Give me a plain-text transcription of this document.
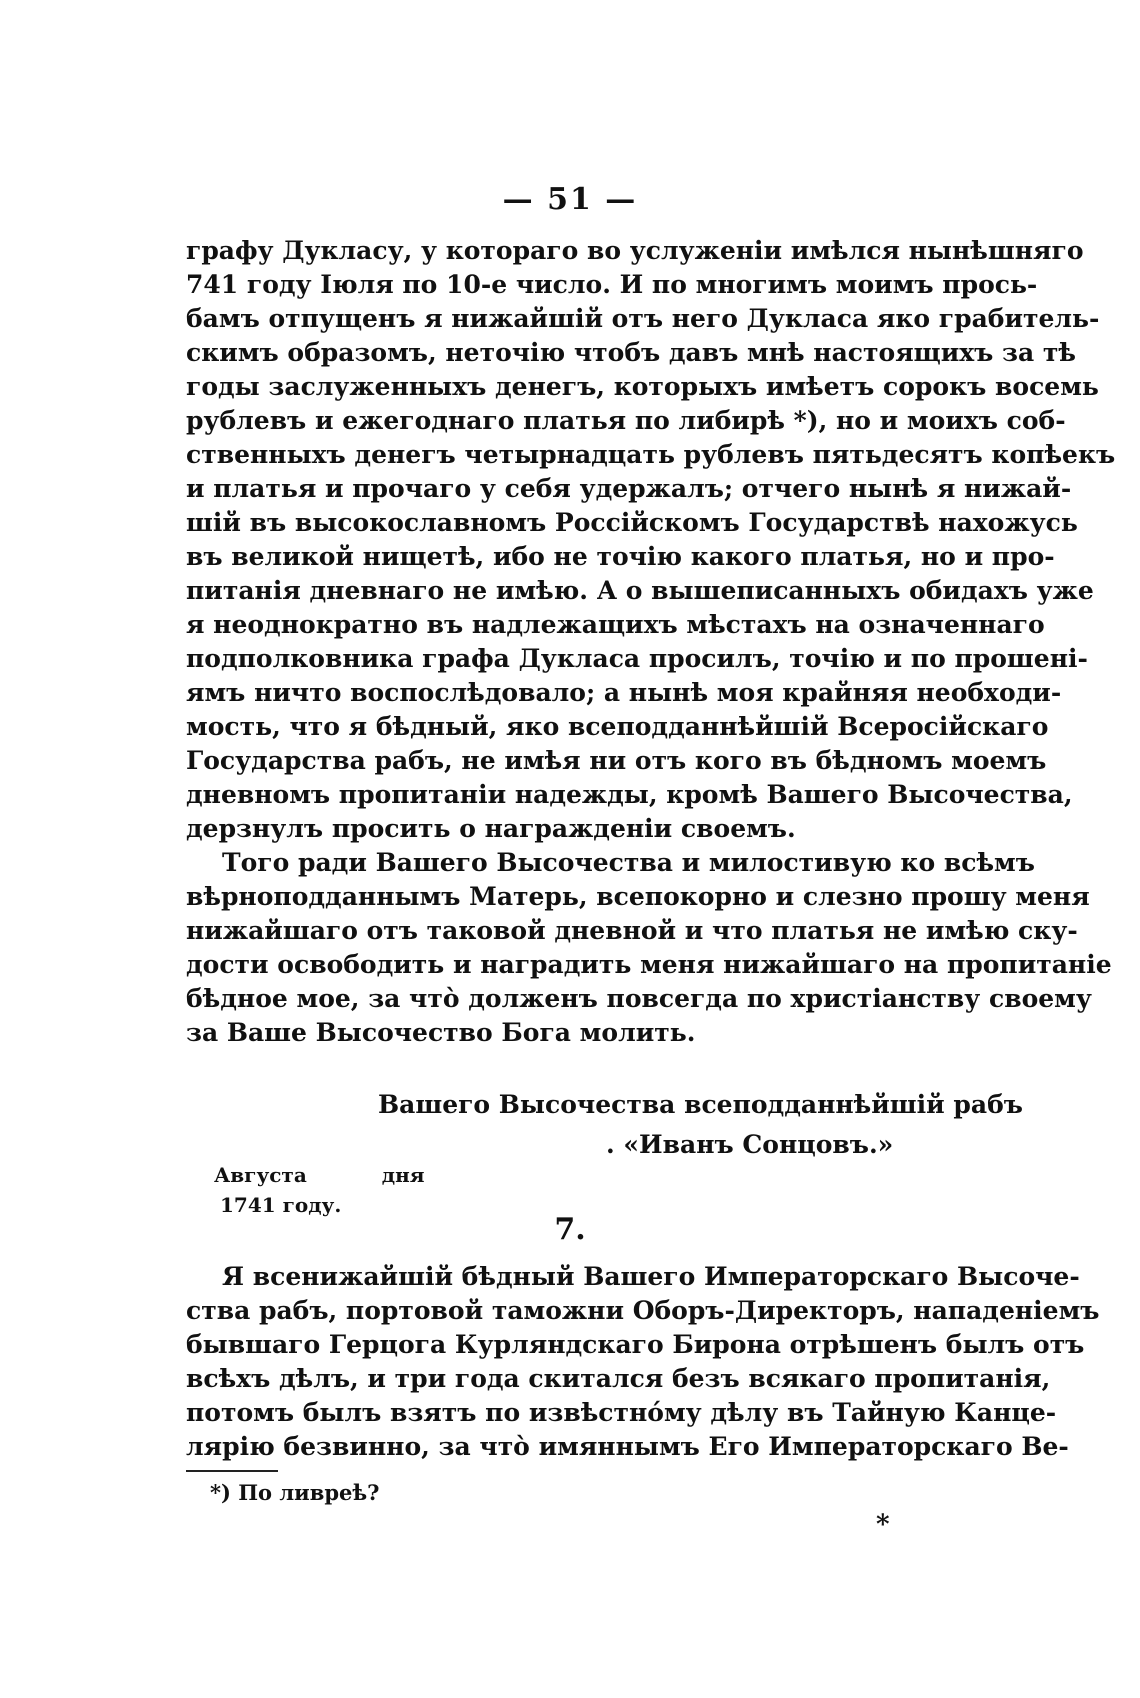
— 51 —
графу Дукласу, у котораго во услуженіи имѣлся нынѣшняго
741 году Іюля по 10-е число. И по многимъ моимъ прось-
бамъ отпущенъ я нижайшій отъ него Дукласа яко грабитель-
скимъ образомъ, неточію чтобъ давъ мнѣ настоящихъ за тѣ
годы заслуженныхъ денегъ, которыхъ имѣетъ сорокъ восемь
рублевъ и ежегоднаго платья по либирѣ *), но и моихъ соб-
ственныхъ денегъ четырнадцать рублевъ пятьдесятъ копѣекъ
и платья и прочаго у себя удержалъ; отчего нынѣ я нижай-
шій въ высокославномъ Россійскомъ Государствѣ нахожусь
въ великой нищетѣ, ибо не точію какого платья, но и про-
питанія дневнаго не имѣю. А о вышеписанныхъ обидахъ уже
я неоднократно въ надлежащихъ мѣстахъ на означеннаго
подполковника графа Дукласа просилъ, точію и по прошені-
ямъ ничто воспослѣдовало; а нынѣ моя крайняя необходи-
мость, что я бѣдный, яко всеподданнѣйшій Всеросійскаго
Государства рабъ, не имѣя ни отъ кого въ бѣдномъ моемъ
дневномъ пропитаніи надежды, кромѣ Вашего Высочества,
дерзнулъ просить о награжденіи своемъ.
Того ради Вашего Высочества и милостивую ко всѣмъ
вѣрноподданнымъ Матерь, всепокорно и слезно прошу меня
нижайшаго отъ таковой дневной и что платья не имѣю ску-
дости освободить и наградить меня нижайшаго на пропитаніе
бѣдное мое, за что̀ долженъ повсегда по христіанству своему
за Ваше Высочество Бога молить.
Вашего Высочества всеподданнѣйшій рабъ
. «Иванъ Сонцовъ.»
Августа	дня
1741 году.
7.
Я всенижайшій бѣдный Вашего Императорскаго Высоче-
ства рабъ, портовой таможни Оборъ-Директоръ, нападеніемъ
бывшаго Герцога Курляндскаго Бирона отрѣшенъ былъ отъ
всѣхъ дѣлъ, и три года скитался безъ всякаго пропитанія,
потомъ былъ взятъ по извѣстно́му дѣлу въ Тайную Канце-
лярію безвинно, за что̀ имяннымъ Его Императорскаго Ве-
*) По ливреѣ?
*
